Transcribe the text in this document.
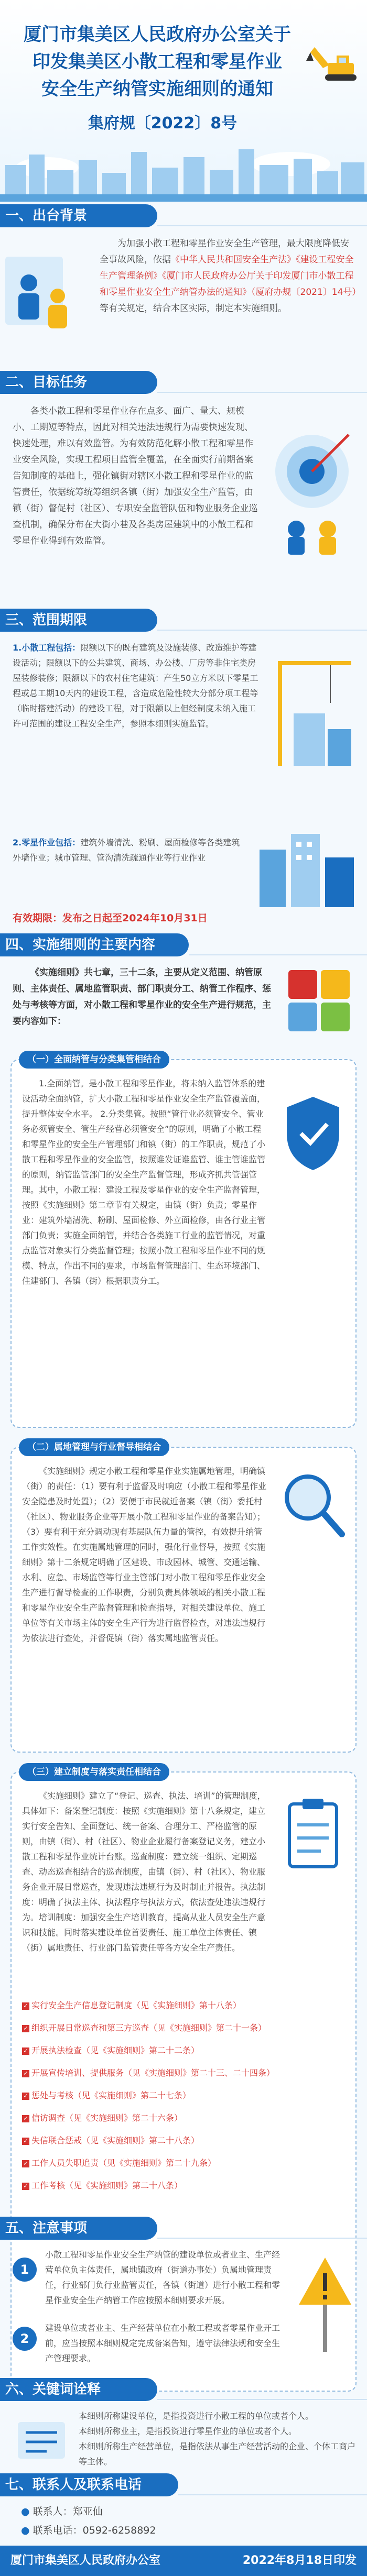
厦门市集美区人民政府办公室关于
印发集美区小散工程和零星作业
安全生产纳管实施细则的通知
集府规〔2022〕8号
一、出台背景
为加强小散工程和零星作业安全生产管理，最大限度降低安全事故风险，依据《中华人民共和国安全生产法》《建设工程安全生产管理条例》《厦门市人民政府办公厅关于印发厦门市小散工程和零星作业安全生产纳管办法的通知》（厦府办规〔2021〕14号）等有关规定，结合本区实际，制定本实施细则。
二、目标任务
各类小散工程和零星作业存在点多、面广、量大、规模小、工期短等特点，因此对相关违法违规行为需要快速发现、快速处理，难以有效监管。为有效防范化解小散工程和零星作业安全风险，实现工程项目监管全覆盖，在全面实行前期备案告知制度的基础上，强化镇街对辖区小散工程和零星作业的监管责任，依据统筹统筹组织各镇（街）加强安全生产监管，由镇（街）督促村（社区）、专职安全监管队伍和物业服务企业巡查机制，确保分布在大街小巷及各类房屋建筑中的小散工程和零星作业得到有效监管。
三、范围期限
1.小散工程包括：限额以下的既有建筑及设施装修、改造维护等建设活动；限额以下的公共建筑、商场、办公楼、厂房等非住宅类房屋装修装修；限额以下的农村住宅建筑：产生50立方米以下零星工程或总工期10天内的建设工程，含造成危险性较大分部分项工程等（临时搭建活动）的建设工程，对于限额以上但经制度未纳入施工许可范围的建设工程安全生产，参照本细则实施监管。
2.零星作业包括：建筑外墙清洗、粉刷、屋面检修等各类建筑外墙作业；城市管理、管沟清洗疏通作业等行业作业
有效期限：发布之日起至2024年10月31日
四、实施细则的主要内容
《实施细则》共七章，三十二条，主要从定义范围、纳管原则、主体责任、属地监管职责、部门职责分工、纳管工作程序、惩处与考核等方面，对小散工程和零星作业的安全生产进行规范，主要内容如下：
（一）全面纳管与分类集管相结合
1.全面纳管。是小散工程和零星作业，将未纳入监管体系的建设活动全面纳管，扩大小散工程和零星作业安全生产监管覆盖面，提升整体安全水平。 2.分类集管。按照“管行业必须管安全、管业务必须管安全、管生产经营必须管安全”的原则，明确了小散工程和零星作业的安全生产管理部门和镇（街）的工作职责，规范了小散工程和零星作业的安全监管，按照谁发证谁监管、谁主管谁监管的原则，纳管监管部门的安全生产监督管理，形成齐抓共管强管理。其中，小散工程：建设工程及零星作业的安全生产监督管理，按照《实施细则》第二章节有关规定，由镇（街）负责；零星作业：建筑外墙清洗、粉刷、屋面检修、外立面检修，由各行业主管部门负责；实施全面纳管，并结合各类施工行业的监管情况，对重点监管对象实行分类监督管理；按照小散工程和零星作业不同的规模、特点，作出不同的要求，市场监督管理部门、生态环境部门、住建部门、各镇（街）根据职责分工。
（二）属地管理与行业督导相结合
《实施细则》规定小散工程和零星作业实施属地管理，明确镇（街）的责任：（1）要有利于监督及时响应（小散工程和零星作业安全隐患及时处置）；（2）要便于市民就近备案（镇（街）委托村（社区）、物业服务企业等开展小散工程和零星作业的备案告知）；（3）要有利于充分调动现有基层队伍力量的管控，有效提升纳管工作实效性。在实施属地管理的同时，强化行业督导，按照《实施细则》第十二条规定明确了区建设、市政园林、城管、交通运输、水利、应急、市场监管等行业主管部门对小散工程和零星作业安全生产进行督导检查的工作职责，分别负责具体领域的相关小散工程和零星作业安全生产监督管理和检查指导，对相关建设单位、施工单位等有关市场主体的安全生产行为进行监督检查，对违法违规行为依法进行查处，并督促镇（街）落实属地监管责任。
（三）建立制度与落实责任相结合
《实施细则》建立了“登记、巡查、执法、培训”的管理制度，具体如下：备案登记制度：按照《实施细则》第十八条规定，建立实行安全告知、全面登记、统一备案、合理分工、严格监管的原则，由镇（街）、村（社区）、物业企业履行备案登记义务，建立小散工程和零星作业统计台账。巡查制度：建立统一组织、定期巡查、动态巡查相结合的巡查制度，由镇（街）、村（社区）、物业服务企业开展日常巡查，发现违法违规行为及时制止并报告。执法制度：明确了执法主体、执法程序与执法方式，依法查处违法违规行为。培训制度：加强安全生产培训教育，提高从业人员安全生产意识和技能。同时落实建设单位首要责任、施工单位主体责任、镇（街）属地责任、行业部门监管责任等各方安全生产责任。
✓ 实行安全生产信息登记制度（见《实施细则》第十八条）
✓ 组织开展日常巡查和第三方巡查（见《实施细则》第二十一条）
✓ 开展执法检查（见《实施细则》第二十二条）
✓ 开展宣传培训、提供服务（见《实施细则》第二十三、二十四条）
✓ 惩处与考核（见《实施细则》第二十七条）
✓ 信访调查（见《实施细则》第二十六条）
✓ 失信联合惩戒（见《实施细则》第二十八条）
✓ 工作人员失职追责（见《实施细则》第二十九条）
✓ 工作考核（见《实施细则》第二十八条）
五、注意事项
1
小散工程和零星作业安全生产纳管的建设单位或者业主、生产经营单位负主体责任，属地镇政府（街道办事处）负属地管理责任，行业部门负行业监管责任，各镇（街道）进行小散工程和零星作业安全生产纳管工作应按照本细则要求开展。
2
建设单位或者业主、生产经营单位在小散工程或者零星作业开工前，应当按照本细则规定完成备案告知，遵守法律法规和安全生产管理要求。
六、关键词诠释
本细则所称建设单位，是指投资进行小散工程的单位或者个人。
本细则所称业主，是指投资进行零星作业的单位或者个人。
本细则所称生产经营单位，是指依法从事生产经营活动的企业、个体工商户等主体。
七、联系人及联系电话
● 联系人：郑亚仙
● 联系电话：0592-6258892
厦门市集美区人民政府办公室	2022年8月18日印发
